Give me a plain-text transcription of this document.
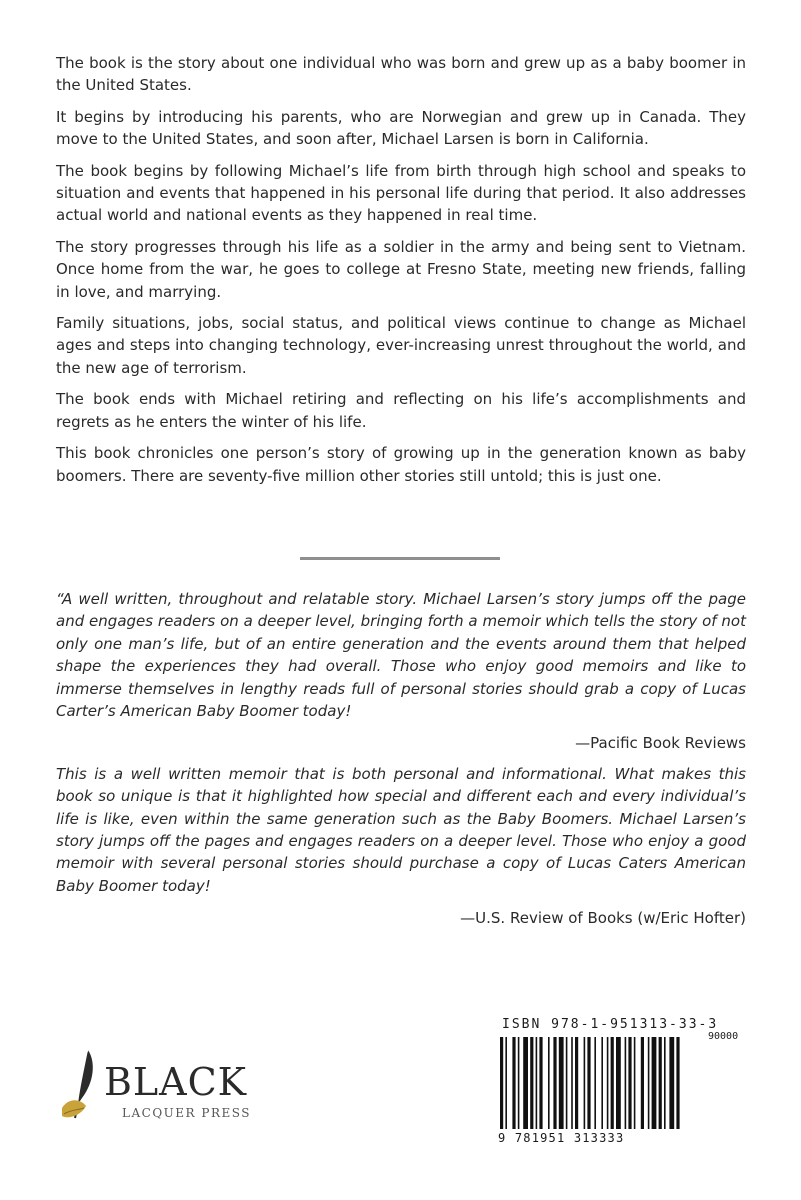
The book is the story about one individual who was born and grew up as a baby boomer in the United States.

It begins by introducing his parents, who are Norwegian and grew up in Canada. They move to the United States, and soon after, Michael Larsen is born in California.

The book begins by following Michael’s life from birth through high school and speaks to situation and events that happened in his personal life during that period. It also addresses actual world and national events as they happened in real time.

The story progresses through his life as a soldier in the army and being sent to Vietnam. Once home from the war, he goes to college at Fresno State, meeting new friends, falling in love, and marrying.

Family situations, jobs, social status, and political views continue to change as Michael ages and steps into changing technology, ever-increasing unrest throughout the world, and the new age of terrorism.

The book ends with Michael retiring and reflecting on his life’s accomplishments and regrets as he enters the winter of his life.

This book chronicles one person’s story of growing up in the generation known as baby boomers. There are seventy-five million other stories still untold; this is just one.

“A well written, throughout and relatable story. Michael Larsen’s story jumps off the page and engages readers on a deeper level, bringing forth a memoir which tells the story of not only one man’s life, but of an entire generation and the events around them that helped shape the experiences they had overall. Those who enjoy good memoirs and like to immerse themselves in lengthy reads full of personal stories should grab a copy of Lucas Carter’s American Baby Boomer today!

—Pacific Book Reviews

This is a well written memoir that is both personal and informational. What makes this book so unique is that it highlighted how special and different each and every individual’s life is like, even within the same generation such as the Baby Boomers. Michael Larsen’s story jumps off the pages and engages readers on a deeper level. Those who enjoy a good memoir with several personal stories should purchase a copy of Lucas Caters American Baby Boomer today!

—U.S. Review of Books (w/Eric Hofter)

BLACK
LACQUER PRESS
ISBN 978-1-951313-33-3
90000
9 781951 313333
